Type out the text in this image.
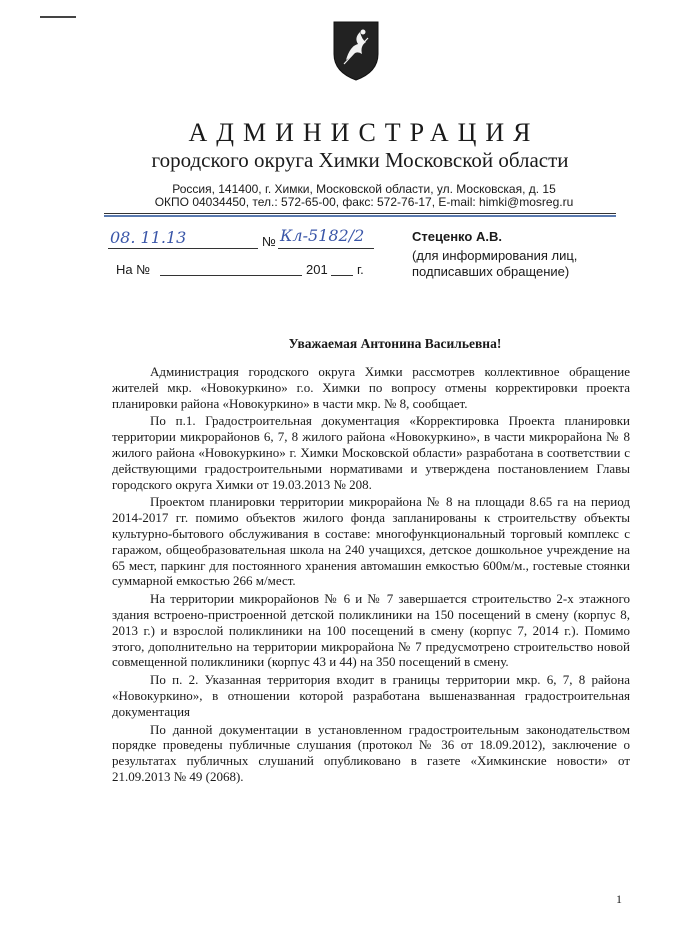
АДМИНИСТРАЦИЯ
городского округа Химки Московской области
Россия, 141400, г. Химки, Московской области, ул. Московская, д. 15
ОКПО 04034450, тел.: 572-65-00, факс: 572-76-17, E-mail: himki@mosreg.ru
08. 11.13	№ Кл-5182/2
На №	201 г.
Стеценко А.В.
(для информирования лиц,
подписавших обращение)
Уважаемая Антонина Васильевна!

Администрация городского округа Химки рассмотрев коллективное обращение жителей мкр. «Новокуркино» г.о. Химки по вопросу отмены корректировки проекта планировки района «Новокуркино» в части мкр. № 8, сообщает.

По п.1. Градостроительная документация «Корректировка Проекта планировки территории микрорайонов 6, 7, 8 жилого района «Новокуркино», в части микрорайона № 8 жилого района «Новокуркино» г. Химки Московской области» разработана в соответствии с действующими градостроительными нормативами и утверждена постановлением Главы городского округа Химки от 19.03.2013 № 208.

Проектом планировки территории микрорайона № 8 на площади 8.65 га на период 2014-2017 гг. помимо объектов жилого фонда запланированы к строительству объекты культурно-бытового обслуживания в составе: многофункциональный торговый комплекс с гаражом, общеобразовательная школа на 240 учащихся, детское дошкольное учреждение на 65 мест, паркинг для постоянного хранения автомашин емкостью 600м/м., гостевые стоянки суммарной емкостью 266 м/мест.

На территории микрорайонов № 6 и № 7 завершается строительство 2-х этажного здания встроено-пристроенной детской поликлиники на 150 посещений в смену (корпус 8, 2013 г.) и взрослой поликлиники на 100 посещений в смену (корпус 7, 2014 г.). Помимо этого, дополнительно на территории микрорайона № 7 предусмотрено строительство новой совмещенной поликлиники (корпус 43 и 44) на 350 посещений в смену.

По п. 2. Указанная территория входит в границы территории мкр. 6, 7, 8 района «Новокуркино», в отношении которой разработана вышеназванная градостроительная документация

По данной документации в установленном градостроительным законодательством порядке проведены публичные слушания (протокол № 36 от 18.09.2012), заключение о результатах публичных слушаний опубликовано в газете «Химкинские новости» от 21.09.2013 № 49 (2068).

1
